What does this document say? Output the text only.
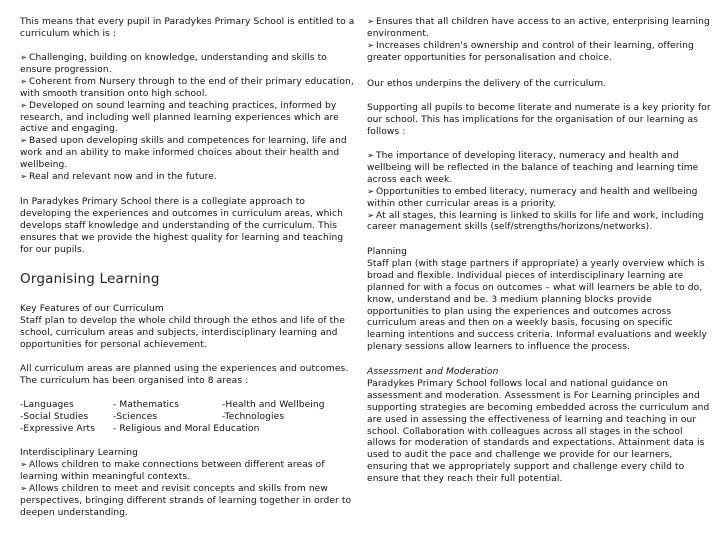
This means that every pupil in Paradykes Primary School is entitled to a curriculum which is :

➢ Challenging, building on knowledge, understanding and skills to ensure progression.
➢ Coherent from Nursery through to the end of their primary education, with smooth transition onto high school.
➢ Developed on sound learning and teaching practices, informed by research, and including well planned learning experiences which are active and engaging.
➢ Based upon developing skills and competences for learning, life and work and an ability to make informed choices about their health and wellbeing.
➢ Real and relevant now and in the future.

In Paradykes Primary School there is a collegiate approach to developing the experiences and outcomes in curriculum areas, which develops staff knowledge and understanding of the curriculum. This ensures that we provide the highest quality for learning and teaching for our pupils.

Organising Learning

Key Features of our Curriculum
Staff plan to develop the whole child through the ethos and life of the school, curriculum areas and subjects, interdisciplinary learning and opportunities for personal achievement.

All curriculum areas are planned using the experiences and outcomes. The curriculum has been organised into 8 areas :

-Languages
-Social Studies
-Expressive Arts
- Mathematics
-Sciences
- Religious and Moral Education
-Health and Wellbeing
-Technologies
Interdisciplinary Learning
➢ Allows children to make connections between different areas of learning within meaningful contexts.
➢ Allows children to meet and revisit concepts and skills from new perspectives, bringing different strands of learning together in order to deepen understanding.
➢ Ensures that all children have access to an active, enterprising learning environment.
➢ Increases children's ownership and control of their learning, offering greater opportunities for personalisation and choice.

Our ethos underpins the delivery of the curriculum.

Supporting all pupils to become literate and numerate is a key priority for our school. This has implications for the organisation of our learning as follows :

➢ The importance of developing literacy, numeracy and health and wellbeing will be reflected in the balance of teaching and learning time across each week.
➢ Opportunities to embed literacy, numeracy and health and wellbeing within other curricular areas is a priority.
➢ At all stages, this learning is linked to skills for life and work, including career management skills (self/strengths/horizons/networks).
Planning
Staff plan (with stage partners if appropriate) a yearly overview which is broad and flexible. Individual pieces of interdisciplinary learning are planned for with a focus on outcomes – what will learners be able to do, know, understand and be. 3 medium planning blocks provide opportunities to plan using the experiences and outcomes across curriculum areas and then on a weekly basis, focusing on specific learning intentions and success criteria. Informal evaluations and weekly plenary sessions allow learners to influence the process.
Assessment and Moderation
Paradykes Primary School follows local and national guidance on assessment and moderation. Assessment is For Learning principles and supporting strategies are becoming embedded across the curriculum and are used in assessing the effectiveness of learning and teaching in our school. Collaboration with colleagues across all stages in the school allows for moderation of standards and expectations. Attainment data is used to audit the pace and challenge we provide for our learners, ensuring that we appropriately support and challenge every child to ensure that they reach their full potential.
